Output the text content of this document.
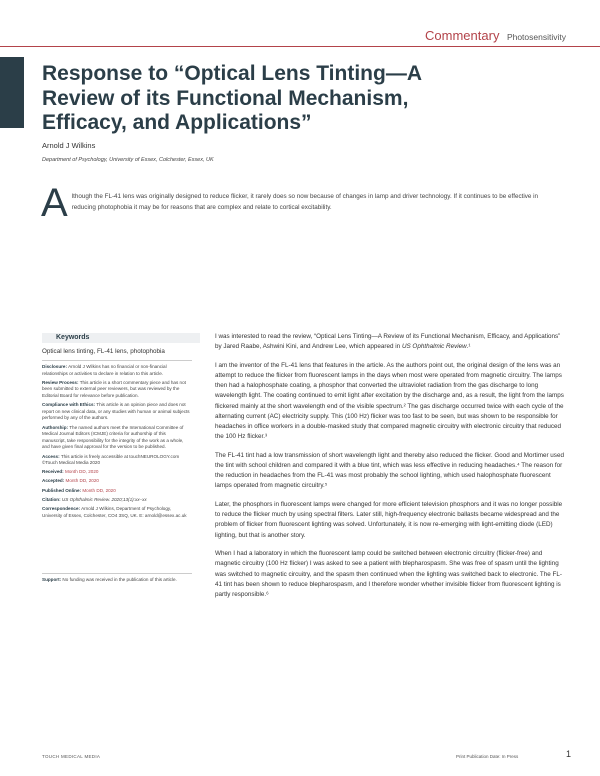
Commentary Photosensitivity
Response to “Optical Lens Tinting—A Review of its Functional Mechanism, Efficacy, and Applications”
Arnold J Wilkins
Department of Psychology, University of Essex, Colchester, Essex, UK
A lthough the FL-41 lens was originally designed to reduce flicker, it rarely does so now because of changes in lamp and driver technology. If it continues to be effective in reducing photophobia it may be for reasons that are complex and relate to cortical excitability.
Keywords
Optical lens tinting, FL-41 lens, photophobia

Disclosure: Arnold J Wilkins has no financial or non-financial relationships or activities to declare in relation to this article.

Review Process: This article is a short commentary piece and has not been submitted to external peer reviewers, but was reviewed by the Editorial Board for relevance before publication.

Compliance with Ethics: This article is an opinion piece and does not report on new clinical data, or any studies with human or animal subjects performed by any of the authors.

Authorship: The named authors meet the International Committee of Medical Journal Editors (ICMJE) criteria for authorship of this manuscript, take responsibility for the integrity of the work as a whole, and have given final approval for the version to be published.

Access: This article is freely accessible at touchNEUROLOGY.com ©Touch Medical Media 2020

Received: Month DD, 2020

Accepted: Month DD, 2020

Published Online: Month DD, 2020

Citation: US Ophthalmic Review. 2020;13(1):xx–xx

Correspondence: Arnold J Wilkins, Department of Psychology, University of Essex, Colchester, CO4 3SQ, UK. E: arnold@essex.ac.uk

Support: No funding was received in the publication of this article.

I was interested to read the review, “Optical Lens Tinting—A Review of its Functional Mechanism, Efficacy, and Applications” by Jared Raabe, Ashwini Kini, and Andrew Lee, which appeared in US Ophthalmic Review.¹

I am the inventor of the FL-41 lens that features in the article. As the authors point out, the original design of the lens was an attempt to reduce the flicker from fluorescent lamps in the days when most were operated from magnetic circuitry. The lamps then had a halophosphate coating, a phosphor that converted the ultraviolet radiation from the gas discharge to long wavelength light. The coating continued to emit light after excitation by the discharge and, as a result, the light from the lamps flickered mainly at the short wavelength end of the visible spectrum.² The gas discharge occurred twice with each cycle of the alternating current (AC) electricity supply. This (100 Hz) flicker was too fast to be seen, but was shown to be responsible for headaches in office workers in a double-masked study that compared magnetic circuitry with electronic circuitry that reduced the 100 Hz flicker.³

The FL-41 tint had a low transmission of short wavelength light and thereby also reduced the flicker. Good and Mortimer used the tint with school children and compared it with a blue tint, which was less effective in reducing headaches.⁴ The reason for the reduction in headaches from the FL-41 was most probably the school lighting, which used halophosphate fluorescent lamps operated from magnetic circuitry.⁵

Later, the phosphors in fluorescent lamps were changed for more efficient television phosphors and it was no longer possible to reduce the flicker much by using spectral filters. Later still, high-frequency electronic ballasts became widespread and the problem of flicker from fluorescent lighting was solved. Unfortunately, it is now re-emerging with light-emitting diode (LED) lighting, but that is another story.

When I had a laboratory in which the fluorescent lamp could be switched between electronic circuitry (flicker-free) and magnetic circuitry (100 Hz flicker) I was asked to see a patient with blepharospasm. She was free of spasm until the lighting was switched to magnetic circuitry, and the spasm then continued when the lighting was switched back to electronic. The FL-41 tint has been shown to reduce blepharospasm, and I therefore wonder whether invisible flicker from fluorescent lighting is partly responsible.⁶

TOUCH MEDICAL MEDIA	Print Publication Date: In Press	1
